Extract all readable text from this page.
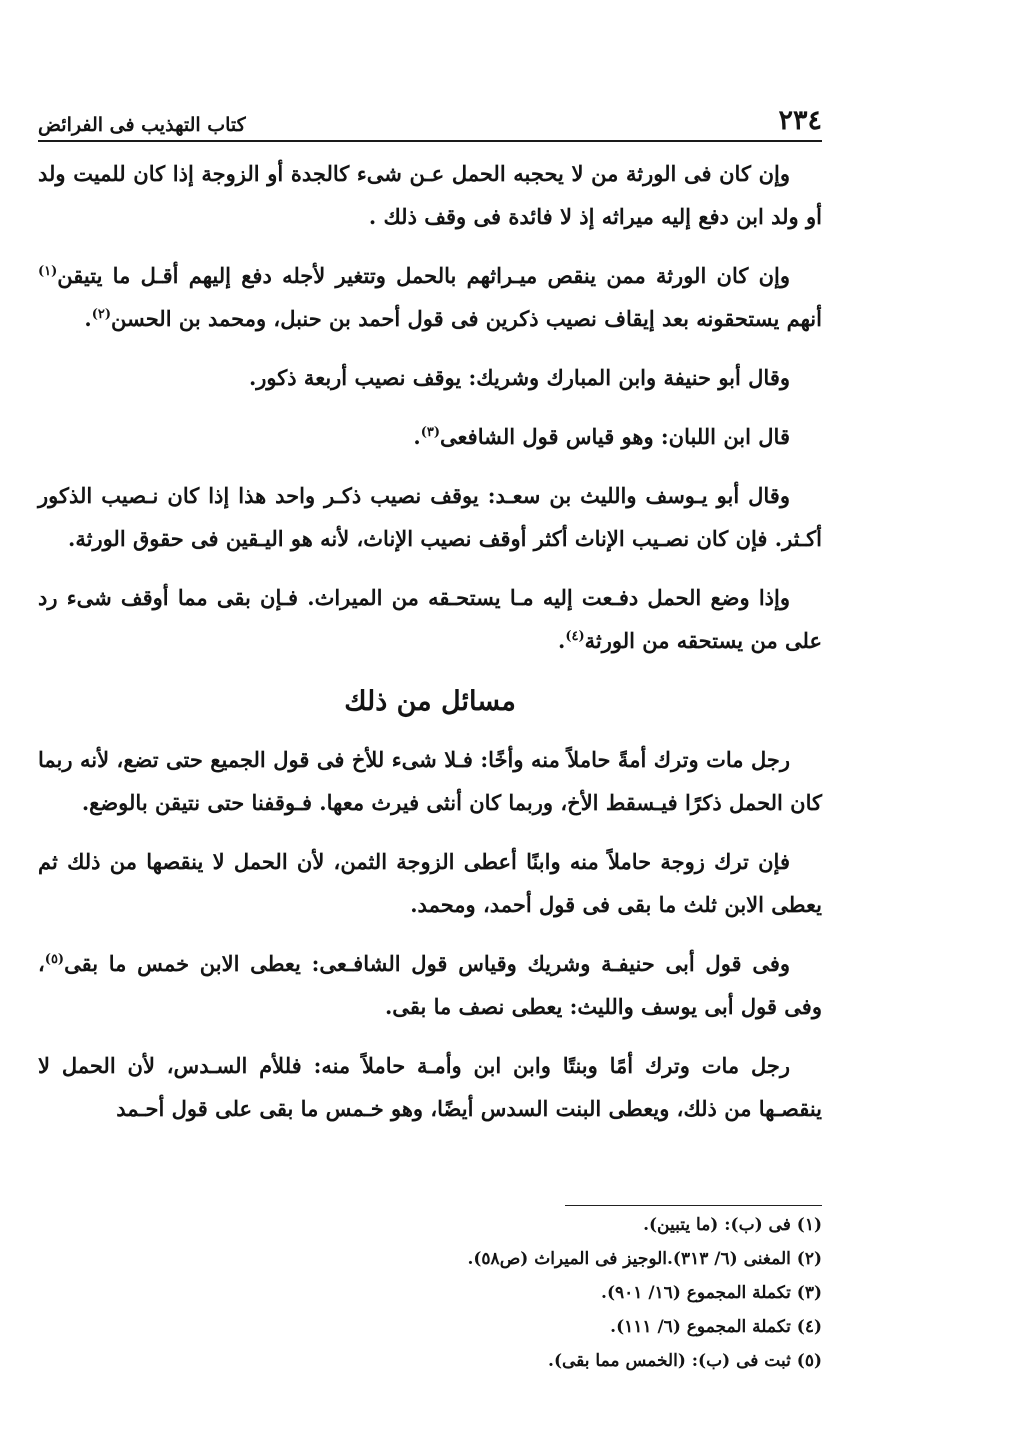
٢٣٤
كتاب التهذيب فى الفرائض

وإن كان فى الورثة من لا يحجبه الحمل عـن شىء كالجدة أو الزوجة إذا كان للميت ولد أو ولد ابن دفع إليه ميراثه إذ لا فائدة فى وقف ذلك .

وإن كان الورثة ممن ينقص ميـراثهم بالحمل وتتغير لأجله دفع إليهم أقـل ما يتيقن$^{(١)}$ أنهم يستحقونه بعد إيقاف نصيب ذكرين فى قول أحمد بن حنبل، ومحمد بن الحسن$^{(٢)}$.

وقال أبو حنيفة وابن المبارك وشريك: يوقف نصيب أربعة ذكور.

قال ابن اللبان: وهو قياس قول الشافعى$^{(٣)}$.

وقال أبو يـوسف والليث بن سعـد: يوقف نصيب ذكـر واحد هذا إذا كان نـصيب الذكور أكـثر. فإن كان نصـيب الإناث أكثر أوقف نصيب الإناث، لأنه هو اليـقين فى حقوق الورثة.

وإذا وضع الحمل دفـعت إليه مـا يستحـقه من الميراث. فـإن بقى مما أوقف شىء رد على من يستحقه من الورثة$^{(٤)}$.

مسائل من ذلك

رجل مات وترك أمةً حاملاً منه وأخًا: فـلا شىء للأخ فى قول الجميع حتى تضع، لأنه ربما كان الحمل ذكرًا فيـسقط الأخ، وربما كان أنثى فيرث معها. فـوقفنا حتى نتيقن بالوضع.

فإن ترك زوجة حاملاً منه وابنًا أعطى الزوجة الثمن، لأن الحمل لا ينقصها من ذلك ثم يعطى الابن ثلث ما بقى فى قول أحمد، ومحمد.

وفى قول أبى حنيفـة وشريك وقياس قول الشافـعى: يعطى الابن خمس ما بقى$^{(٥)}$، وفى قول أبى يوسف والليث: يعطى نصف ما بقى.

رجل مات وترك أمًا وبنتًا وابن ابن وأمـة حاملاً منه: فللأم السـدس، لأن الحمل لا ينقصـها من ذلك، ويعطى البنت السدس أيضًا، وهو خـمس ما بقى على قول أحـمد

(١) فى (ب): (ما يتبين).

(٢) المغنى (٦/ ٣١٣).الوجيز فى الميراث (ص٥٨).

(٣) تكملة المجموع (١٦/ ٩٠١).

(٤) تكملة المجموع (٦/ ١١١).

(٥) ثبت فى (ب): (الخمس مما بقى).
